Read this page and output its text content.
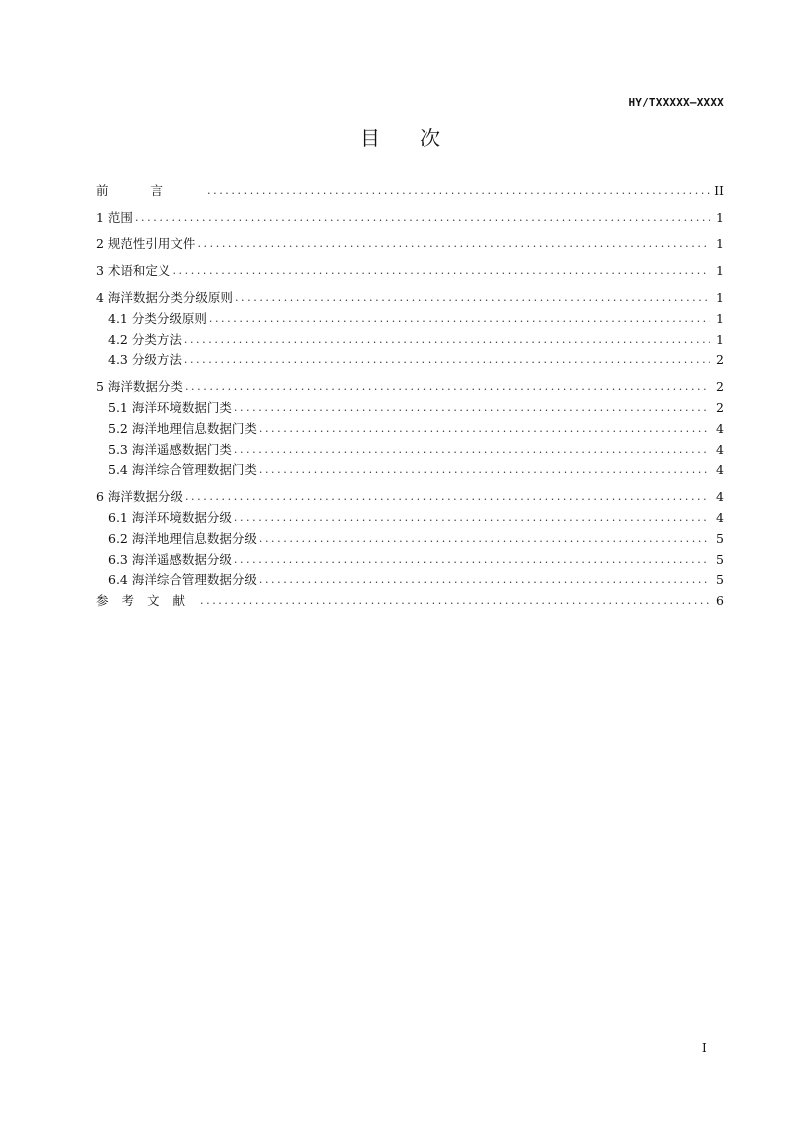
HY/TXXXXX—XXXX
目 次
前言 .....	II
1 范围 .....	1
2 规范性引用文件 .....	1
3 术语和定义 .....	1
4 海洋数据分类分级原则 .....	1
4.1 分类分级原则 .....	1
4.2 分类方法 .....	1
4.3 分级方法 .....	2
5 海洋数据分类 .....	2
5.1 海洋环境数据门类 .....	2
5.2 海洋地理信息数据门类 .....	4
5.3 海洋遥感数据门类 .....	4
5.4 海洋综合管理数据门类 .....	4
6 海洋数据分级 .....	4
6.1 海洋环境数据分级 .....	4
6.2 海洋地理信息数据分级 .....	5
6.3 海洋遥感数据分级 .....	5
6.4 海洋综合管理数据分级 .....	5
参考文献 .....	6
I
